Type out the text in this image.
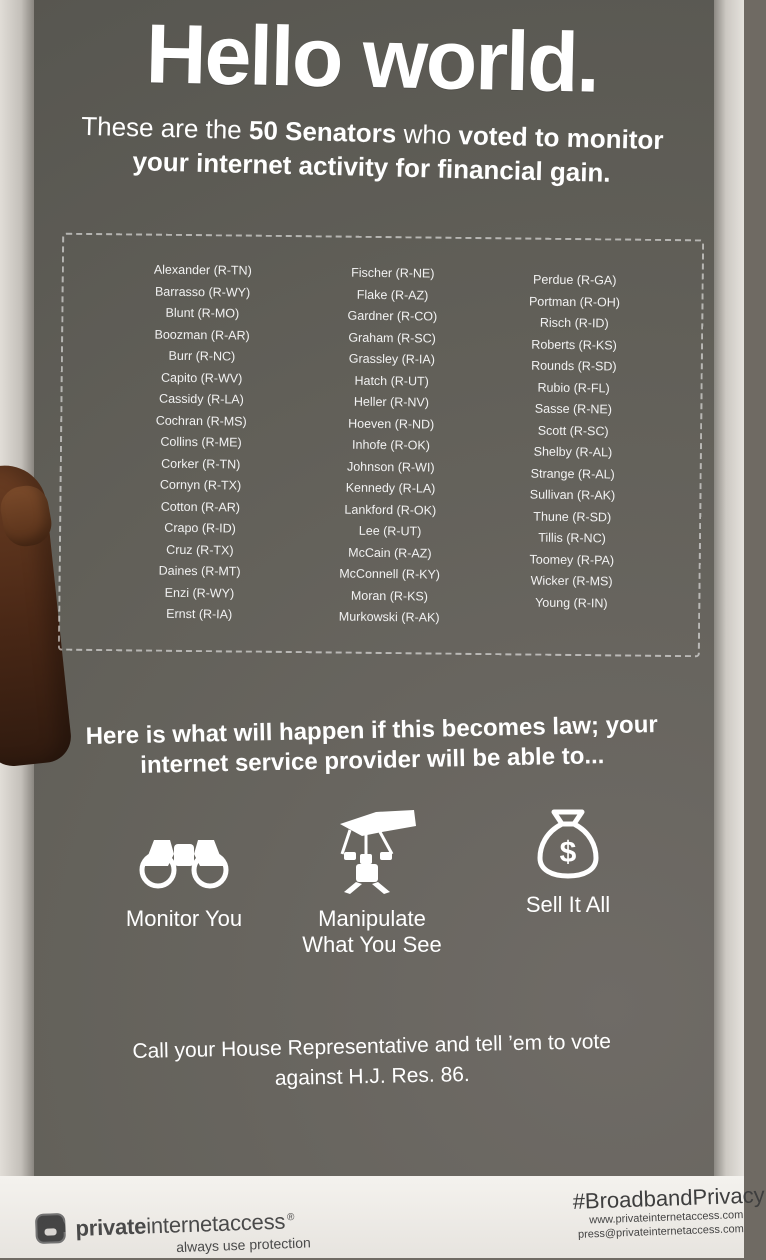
Hello world.
These are the 50 Senators who voted to monitor your internet activity for financial gain.
Alexander (R-TN)
Barrasso (R-WY)
Blunt (R-MO)
Boozman (R-AR)
Burr (R-NC)
Capito (R-WV)
Cassidy (R-LA)
Cochran (R-MS)
Collins (R-ME)
Corker (R-TN)
Cornyn (R-TX)
Cotton (R-AR)
Crapo (R-ID)
Cruz (R-TX)
Daines (R-MT)
Enzi (R-WY)
Ernst (R-IA)
Fischer (R-NE)
Flake (R-AZ)
Gardner (R-CO)
Graham (R-SC)
Grassley (R-IA)
Hatch (R-UT)
Heller (R-NV)
Hoeven (R-ND)
Inhofe (R-OK)
Johnson (R-WI)
Kennedy (R-LA)
Lankford (R-OK)
Lee (R-UT)
McCain (R-AZ)
McConnell (R-KY)
Moran (R-KS)
Murkowski (R-AK)
Perdue (R-GA)
Portman (R-OH)
Risch (R-ID)
Roberts (R-KS)
Rounds (R-SD)
Rubio (R-FL)
Sasse (R-NE)
Scott (R-SC)
Shelby (R-AL)
Strange (R-AL)
Sullivan (R-AK)
Thune (R-SD)
Tillis (R-NC)
Toomey (R-PA)
Wicker (R-MS)
Young (R-IN)
Here is what will happen if this becomes law; your internet service provider will be able to...
Monitor You	Manipulate
What You See
$
Sell It All
Call your House Representative and tell ’em to vote against H.J. Res. 86.
privateinternetaccess®
always use protection
#BroadbandPrivacy
www.privateinternetaccess.com
press@privateinternetaccess.com
